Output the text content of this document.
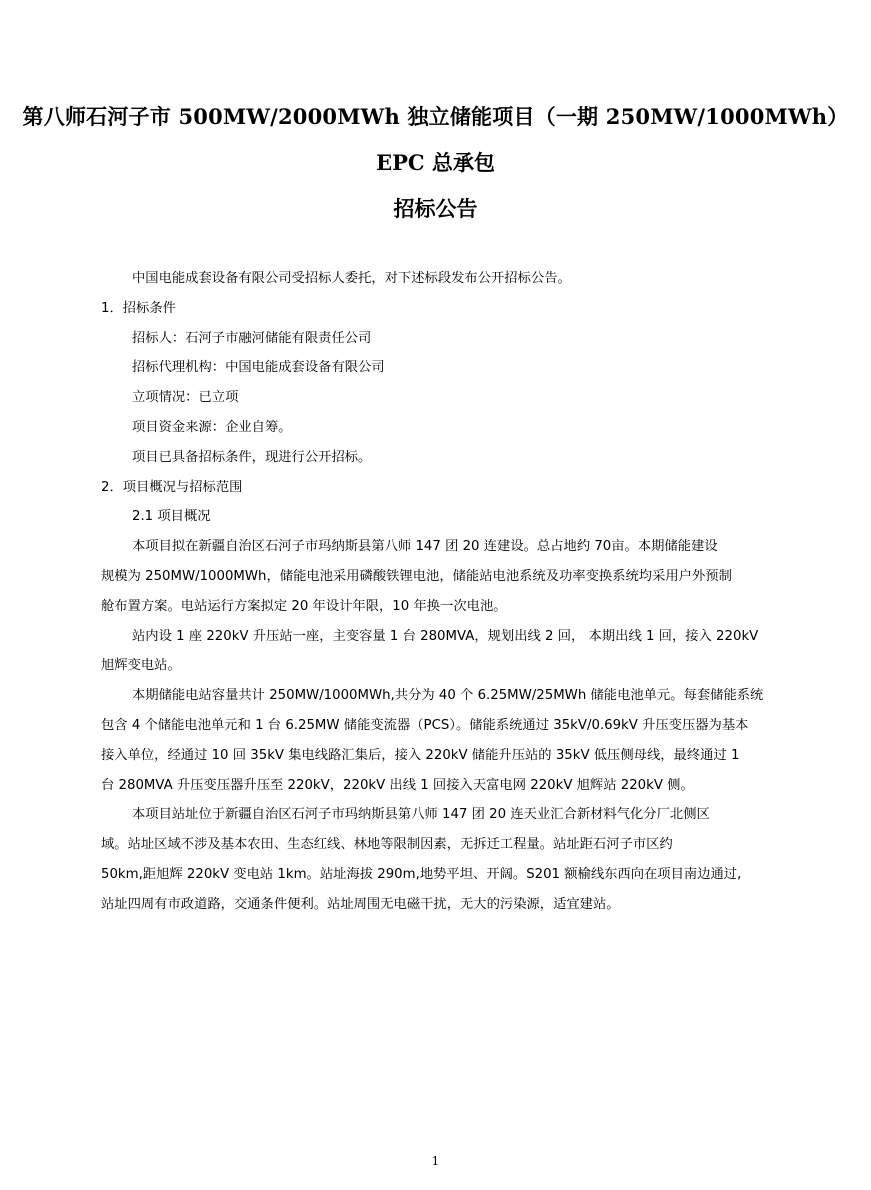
第八师石河子市 500MW/2000MWh 独立储能项目（一期 250MW/1000MWh）
EPC 总承包
招标公告

中国电能成套设备有限公司受招标人委托，对下述标段发布公开招标公告。

1．招标条件

招标人：石河子市融河储能有限责任公司

招标代理机构：中国电能成套设备有限公司

立项情况：已立项

项目资金来源：企业自筹。

项目已具备招标条件，现进行公开招标。

2．项目概况与招标范围

2.1 项目概况

本项目拟在新疆自治区石河子市玛纳斯县第八师 147 团 20 连建设。总占地约 70亩。本期储能建设
规模为 250MW/1000MWh，储能电池采用磷酸铁锂电池，储能站电池系统及功率变换系统均采用户外预制
舱布置方案。电站运行方案拟定 20 年设计年限，10 年换一次电池。
站内设 1 座 220kV 升压站一座，主变容量 1 台 280MVA，规划出线 2 回， 本期出线 1 回，接入 220kV
旭辉变电站。
本期储能电站容量共计 250MW/1000MWh,共分为 40 个 6.25MW/25MWh 储能电池单元。每套储能系统
包含 4 个储能电池单元和 1 台 6.25MW 储能变流器（PCS）。储能系统通过 35kV/0.69kV 升压变压器为基本
接入单位，经通过 10 回 35kV 集电线路汇集后，接入 220kV 储能升压站的 35kV 低压侧母线，最终通过 1
台 280MVA 升压变压器升压至 220kV，220kV 出线 1 回接入天富电网 220kV 旭辉站 220kV 侧。
本项目站址位于新疆自治区石河子市玛纳斯县第八师 147 团 20 连天业汇合新材料气化分厂北侧区
域。站址区域不涉及基本农田、生态红线、林地等限制因素，无拆迁工程量。站址距石河子市区约
50km,距旭辉 220kV 变电站 1km。站址海拔 290m,地势平坦、开阔。S201 额榆线东西向在项目南边通过,
站址四周有市政道路，交通条件便利。站址周围无电磁干扰，无大的污染源，适宜建站。
1
